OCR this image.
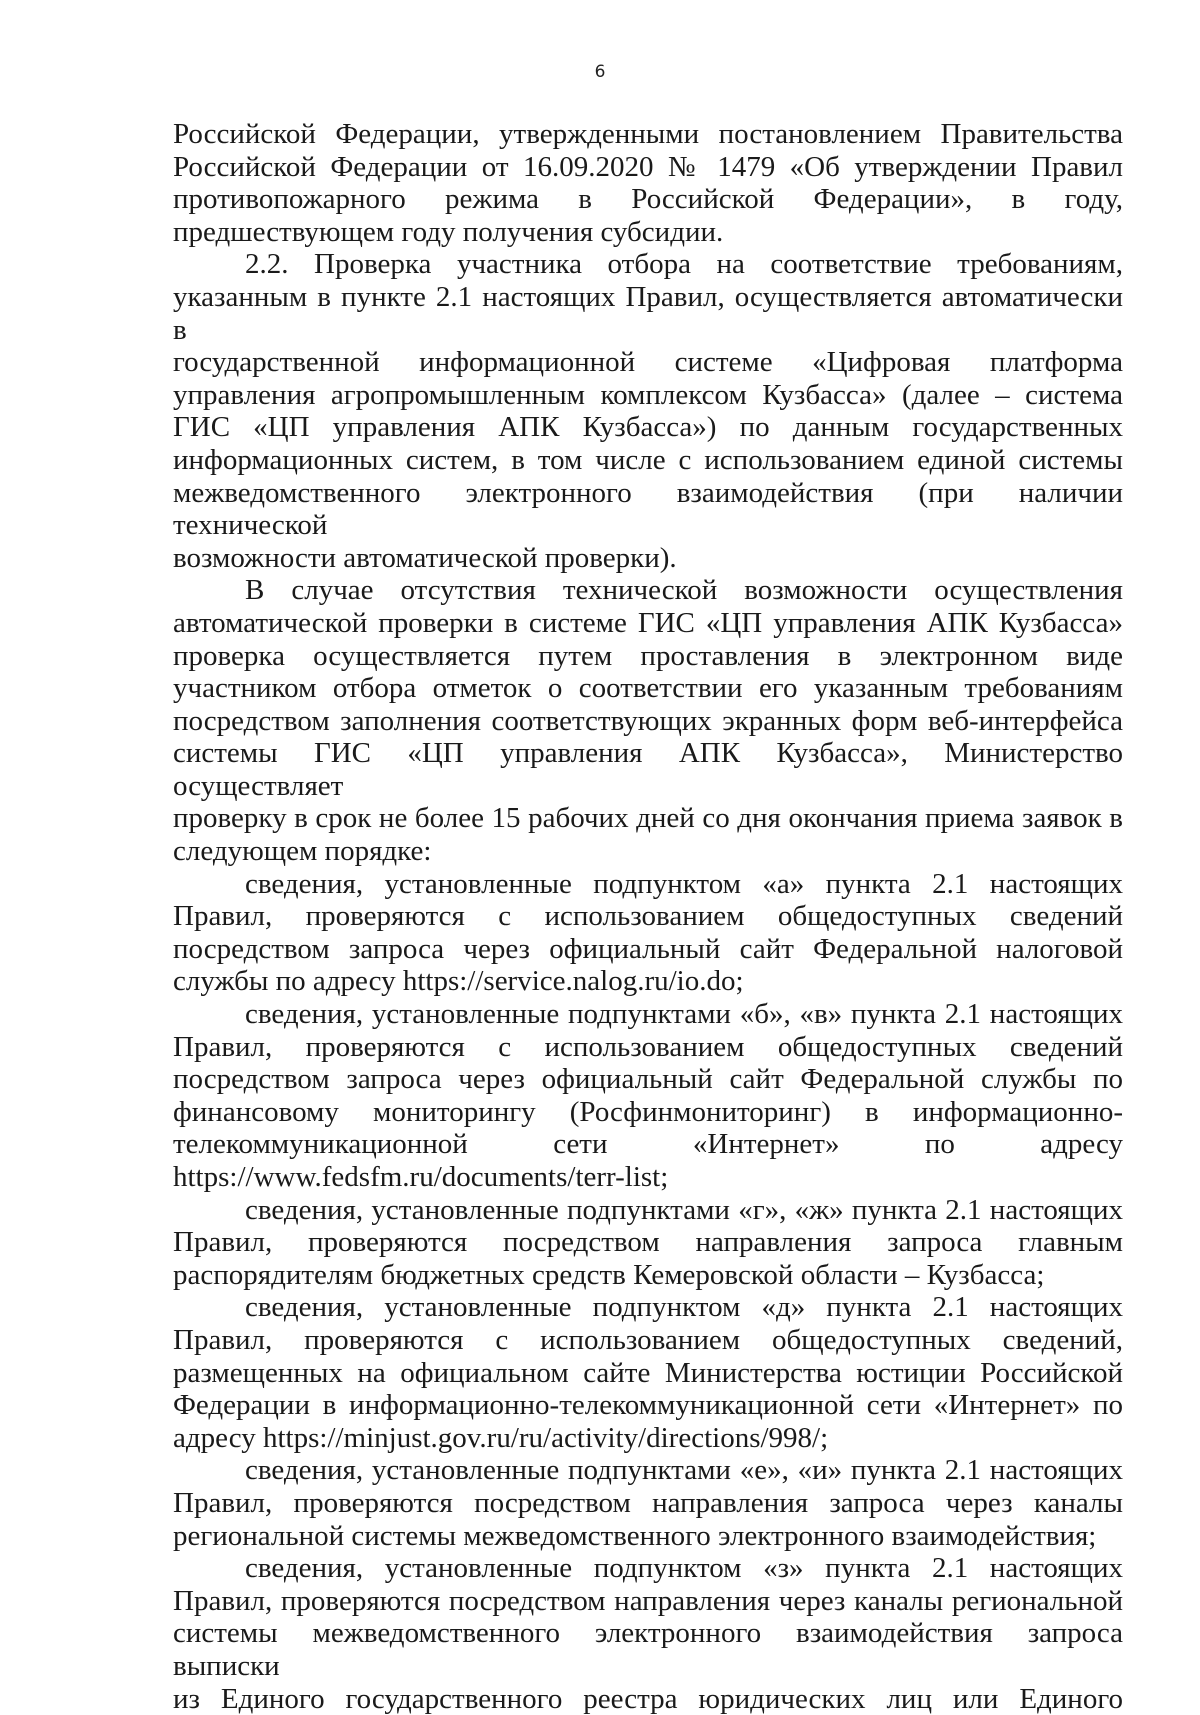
6
Российской Федерации, утвержденными постановлением Правительства
Российской Федерации от 16.09.2020 № 1479 «Об утверждении Правил
противопожарного режима в Российской Федерации», в году,
предшествующем году получения субсидии.
2.2. Проверка участника отбора на соответствие требованиям,
указанным в пункте 2.1 настоящих Правил, осуществляется автоматически в
государственной информационной системе «Цифровая платформа
управления агропромышленным комплексом Кузбасса» (далее – система
ГИС «ЦП управления АПК Кузбасса») по данным государственных
информационных систем, в том числе с использованием единой системы
межведомственного электронного взаимодействия (при наличии технической
возможности автоматической проверки).
В случае отсутствия технической возможности осуществления
автоматической проверки в системе ГИС «ЦП управления АПК Кузбасса»
проверка осуществляется путем проставления в электронном виде
участником отбора отметок о соответствии его указанным требованиям
посредством заполнения соответствующих экранных форм веб-интерфейса
системы ГИС «ЦП управления АПК Кузбасса», Министерство осуществляет
проверку в срок не более 15 рабочих дней со дня окончания приема заявок в
следующем порядке:
сведения, установленные подпунктом «а» пункта 2.1 настоящих
Правил, проверяются с использованием общедоступных сведений
посредством запроса через официальный сайт Федеральной налоговой
службы по адресу https://service.nalog.ru/io.do;
сведения, установленные подпунктами «б», «в» пункта 2.1 настоящих
Правил, проверяются с использованием общедоступных сведений
посредством запроса через официальный сайт Федеральной службы по
финансовому мониторингу (Росфинмониторинг) в информационно-
телекоммуникационной сети «Интернет» по адресу
https://www.fedsfm.ru/documents/terr-list;
сведения, установленные подпунктами «г», «ж» пункта 2.1 настоящих
Правил, проверяются посредством направления запроса главным
распорядителям бюджетных средств Кемеровской области – Кузбасса;
сведения, установленные подпунктом «д» пункта 2.1 настоящих
Правил, проверяются с использованием общедоступных сведений,
размещенных на официальном сайте Министерства юстиции Российской
Федерации в информационно-телекоммуникационной сети «Интернет» по
адресу https://minjust.gov.ru/ru/activity/directions/998/;
сведения, установленные подпунктами «е», «и» пункта 2.1 настоящих
Правил, проверяются посредством направления запроса через каналы
региональной системы межведомственного электронного взаимодействия;
сведения, установленные подпунктом «з» пункта 2.1 настоящих
Правил, проверяются посредством направления через каналы региональной
системы межведомственного электронного взаимодействия запроса выписки
из Единого государственного реестра юридических лиц или Единого
